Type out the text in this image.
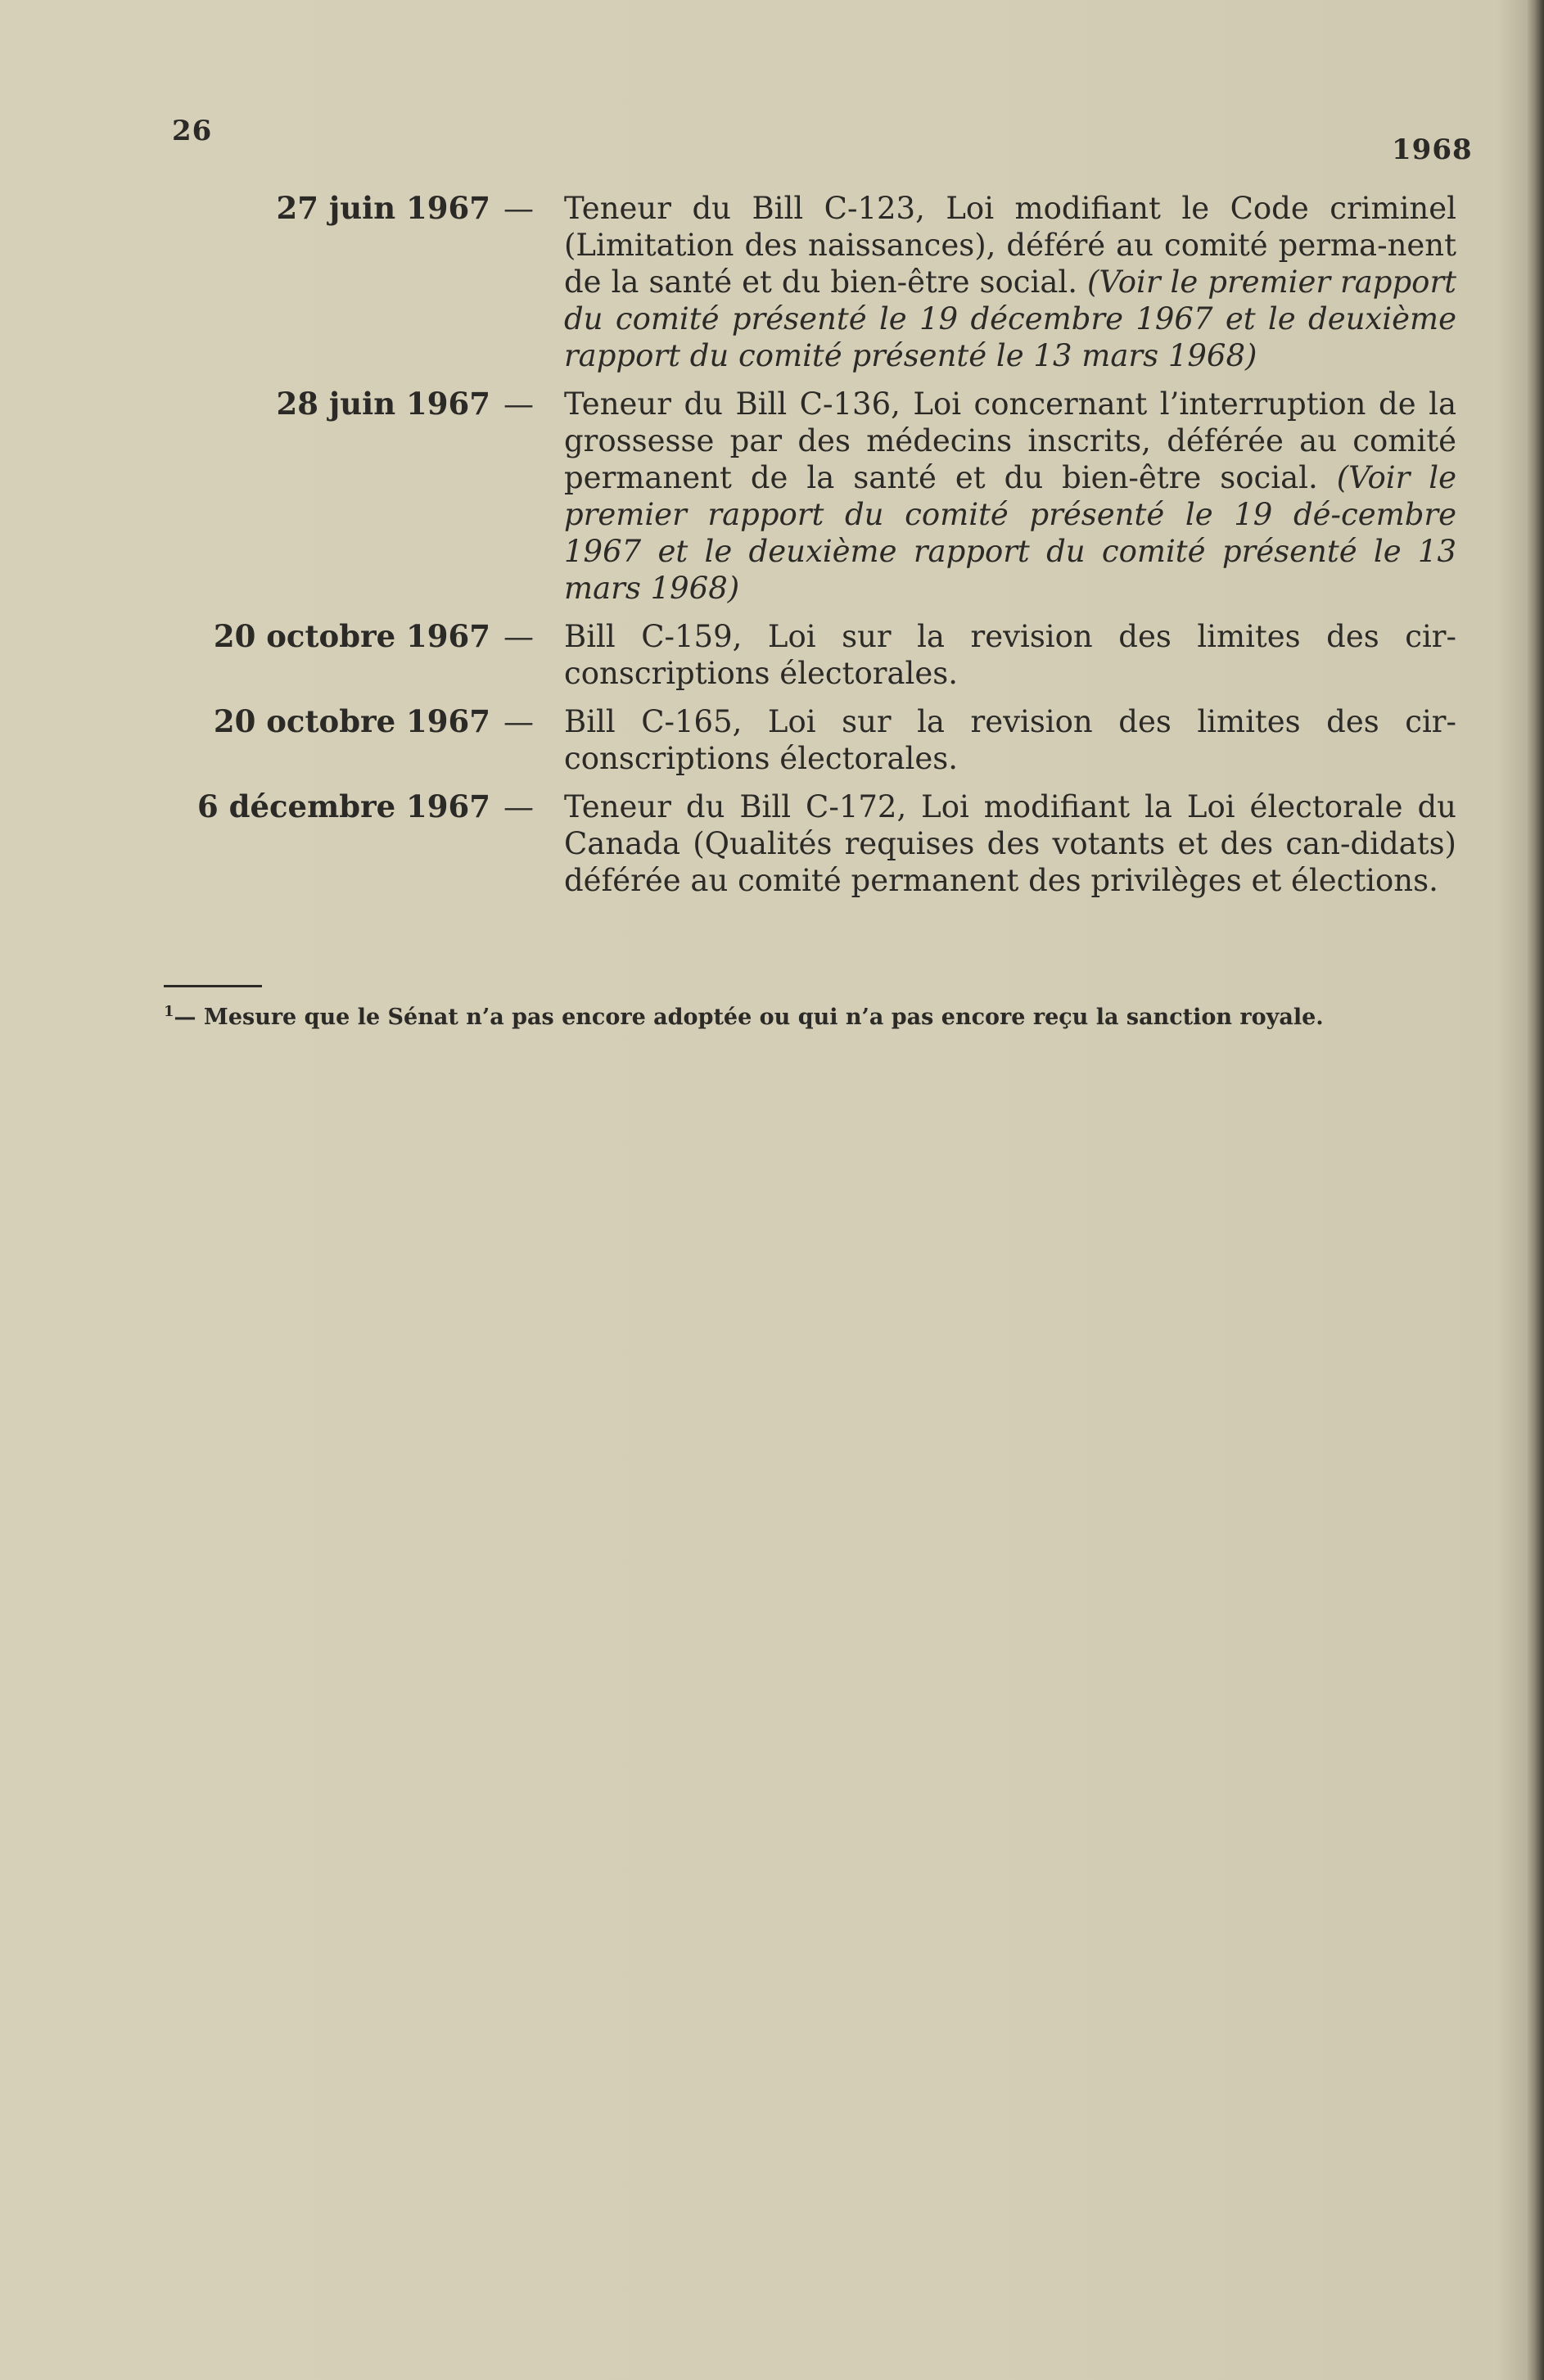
26
1968
27 juin 1967 —	Teneur du Bill C-123, Loi modifiant le Code criminel (Limitation des naissances), déféré au comité perma-nent de la santé et du bien-être social. (Voir le premier rapport du comité présenté le 19 décembre 1967 et le deuxième rapport du comité présenté le 13 mars 1968)
28 juin 1967 —	Teneur du Bill C-136, Loi concernant l’interruption de la grossesse par des médecins inscrits, déférée au comité permanent de la santé et du bien-être social. (Voir le premier rapport du comité présenté le 19 dé-cembre 1967 et le deuxième rapport du comité présenté le 13 mars 1968)
20 octobre 1967 —	Bill C-159, Loi sur la revision des limites des cir-conscriptions électorales.
20 octobre 1967 —	Bill C-165, Loi sur la revision des limites des cir-conscriptions électorales.
6 décembre 1967 —	Teneur du Bill C-172, Loi modifiant la Loi électorale du Canada (Qualités requises des votants et des can-didats) déférée au comité permanent des privilèges et élections.
$^1$— Mesure que le Sénat n’a pas encore adoptée ou qui n’a pas encore reçu la sanction royale.
